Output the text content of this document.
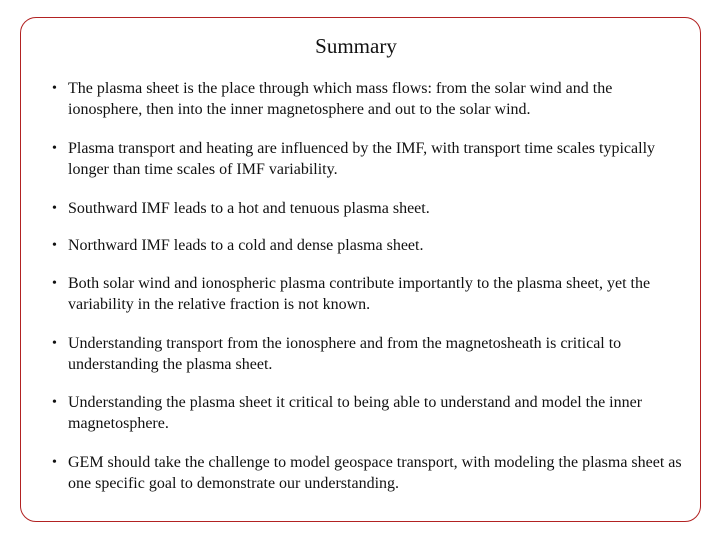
Summary
• The plasma sheet is the place through which mass flows: from the solar wind and the ionosphere, then into the inner magnetosphere and out to the solar wind.
• Plasma transport and heating are influenced by the IMF, with transport time scales typically longer than time scales of IMF variability.
• Southward IMF leads to a hot and tenuous plasma sheet.
• Northward IMF leads to a cold and dense plasma sheet.
• Both solar wind and ionospheric plasma contribute importantly to the plasma sheet, yet the variability in the relative fraction is not known.
• Understanding transport from the ionosphere and from the magnetosheath is critical to understanding the plasma sheet.
• Understanding the plasma sheet it critical to being able to understand and model the inner magnetosphere.
• GEM should take the challenge to model geospace transport, with modeling the plasma sheet as one specific goal to demonstrate our understanding.
